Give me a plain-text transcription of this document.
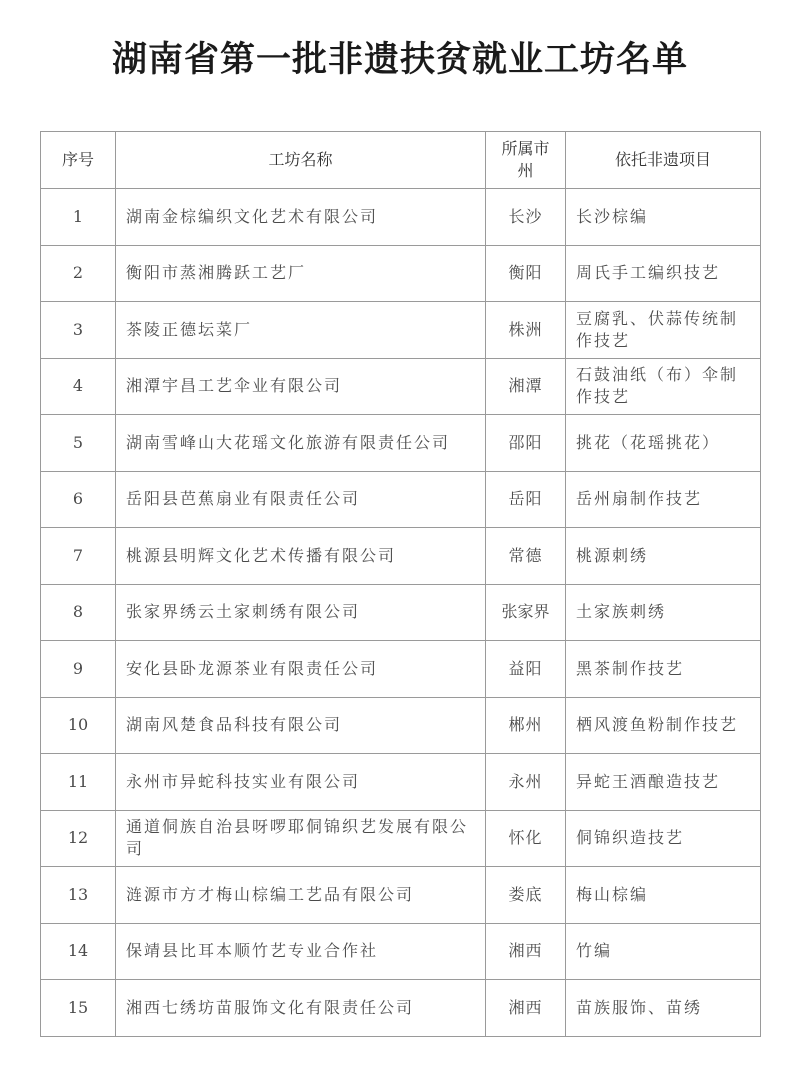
湖南省第一批非遗扶贫就业工坊名单
序号	工坊名称	所属市州	依托非遗项目
1	湖南金棕编织文化艺术有限公司	长沙	长沙棕编
2	衡阳市蒸湘腾跃工艺厂	衡阳	周氏手工编织技艺
3	茶陵正德坛菜厂	株洲	豆腐乳、伏蒜传统制作技艺
4	湘潭宇昌工艺伞业有限公司	湘潭	石鼓油纸（布）伞制作技艺
5	湖南雪峰山大花瑶文化旅游有限责任公司	邵阳	挑花（花瑶挑花）
6	岳阳县芭蕉扇业有限责任公司	岳阳	岳州扇制作技艺
7	桃源县明辉文化艺术传播有限公司	常德	桃源刺绣
8	张家界绣云土家刺绣有限公司	张家界	土家族刺绣
9	安化县卧龙源茶业有限责任公司	益阳	黑茶制作技艺
10	湖南风楚食品科技有限公司	郴州	栖风渡鱼粉制作技艺
11	永州市异蛇科技实业有限公司	永州	异蛇王酒酿造技艺
12	通道侗族自治县呀啰耶侗锦织艺发展有限公司	怀化	侗锦织造技艺
13	涟源市方才梅山棕编工艺品有限公司	娄底	梅山棕编
14	保靖县比耳本顺竹艺专业合作社	湘西	竹编
15	湘西七绣坊苗服饰文化有限责任公司	湘西	苗族服饰、苗绣
